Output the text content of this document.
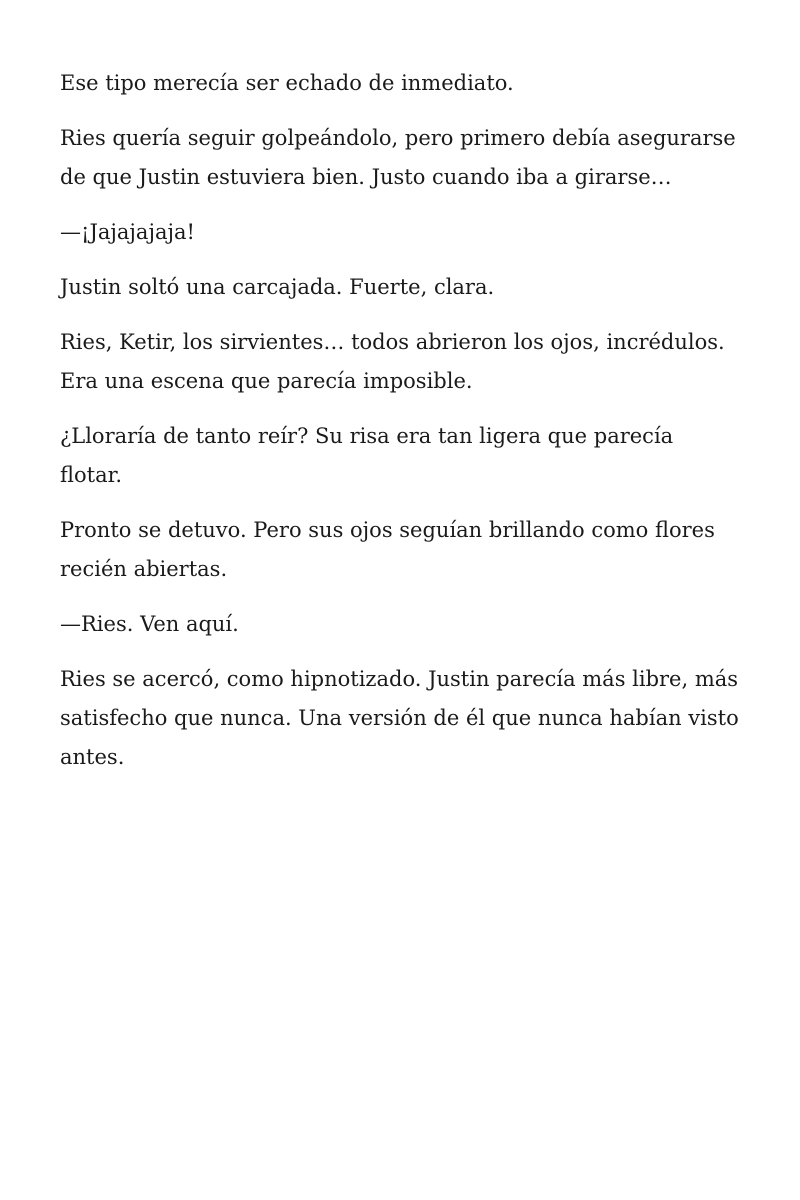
Ese tipo merecía ser echado de inmediato.

Ries quería seguir golpeándolo, pero primero debía asegurarse de que Justin estuviera bien. Justo cuando iba a girarse…

—¡Jajajajaja!

Justin soltó una carcajada. Fuerte, clara.

Ries, Ketir, los sirvientes… todos abrieron los ojos, incrédulos. Era una escena que parecía imposible.

¿Lloraría de tanto reír? Su risa era tan ligera que parecía flotar.

Pronto se detuvo. Pero sus ojos seguían brillando como flores recién abiertas.

—Ries. Ven aquí.

Ries se acercó, como hipnotizado. Justin parecía más libre, más satisfecho que nunca. Una versión de él que nunca habían visto antes.
